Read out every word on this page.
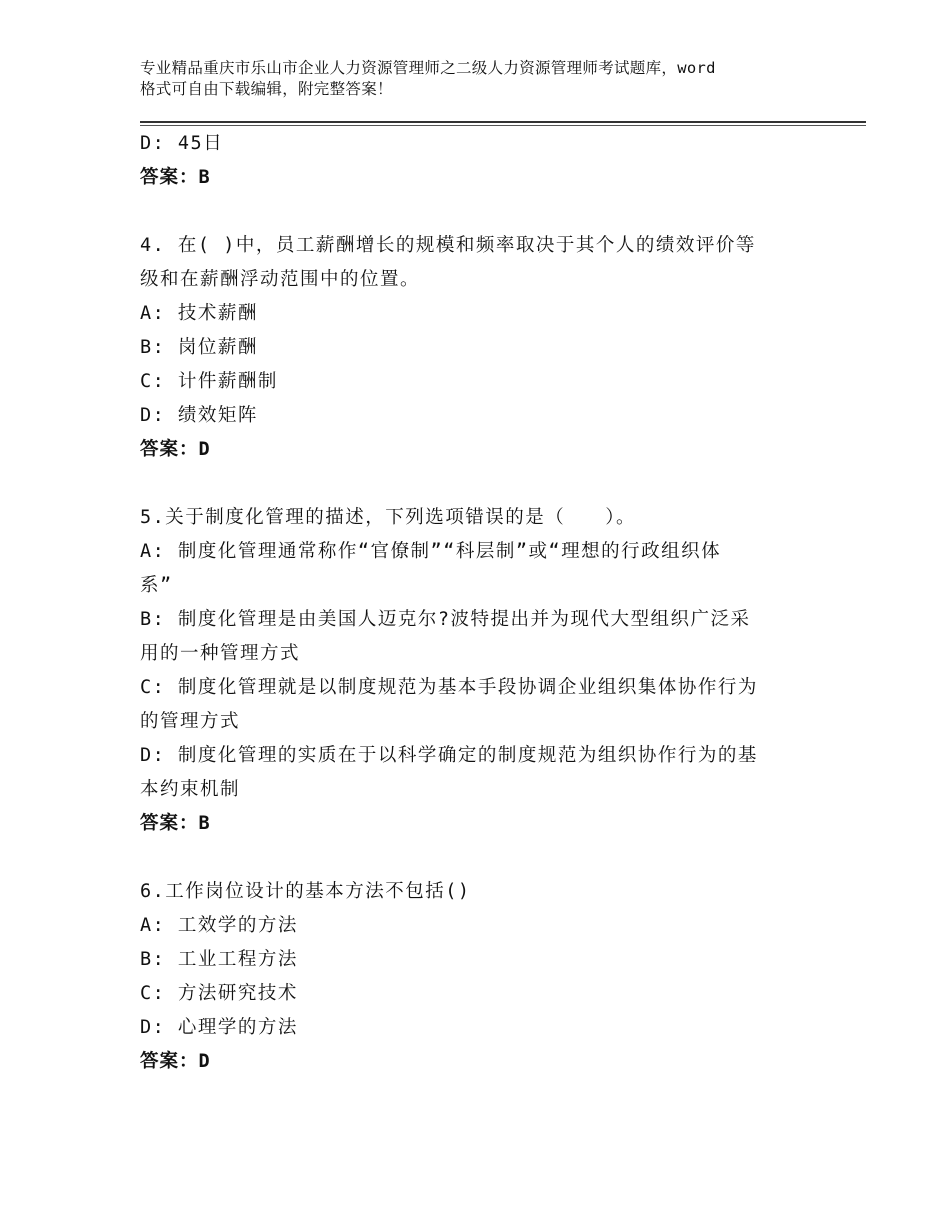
专业精品重庆市乐山市企业人力资源管理师之二级人力资源管理师考试题库，word
格式可自由下载编辑，附完整答案！
D: 45日
答案：B
4. 在( )中，员工薪酬增长的规模和频率取决于其个人的绩效评价等
级和在薪酬浮动范围中的位置。
A: 技术薪酬
B: 岗位薪酬
C: 计件薪酬制
D: 绩效矩阵
答案：D
5.关于制度化管理的描述，下列选项错误的是（　　）。
A: 制度化管理通常称作“官僚制”“科层制”或“理想的行政组织体
系”
B: 制度化管理是由美国人迈克尔?波特提出并为现代大型组织广泛采
用的一种管理方式
C: 制度化管理就是以制度规范为基本手段协调企业组织集体协作行为
的管理方式
D: 制度化管理的实质在于以科学确定的制度规范为组织协作行为的基
本约束机制
答案：B
6.工作岗位设计的基本方法不包括()
A: 工效学的方法
B: 工业工程方法
C: 方法研究技术
D: 心理学的方法
答案：D
